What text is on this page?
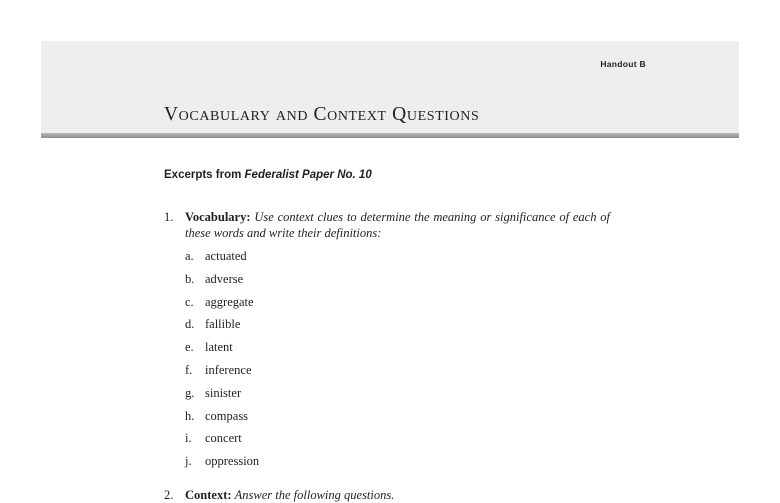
Handout B
Vocabulary and Context Questions
Excerpts from Federalist Paper No. 10
1. Vocabulary: Use context clues to determine the meaning or significance of each of these words and write their definitions:
a. actuated
b. adverse
c. aggregate
d. fallible
e. latent
f. inference
g. sinister
h. compass
i. concert
j. oppression
2. Context: Answer the following questions.
